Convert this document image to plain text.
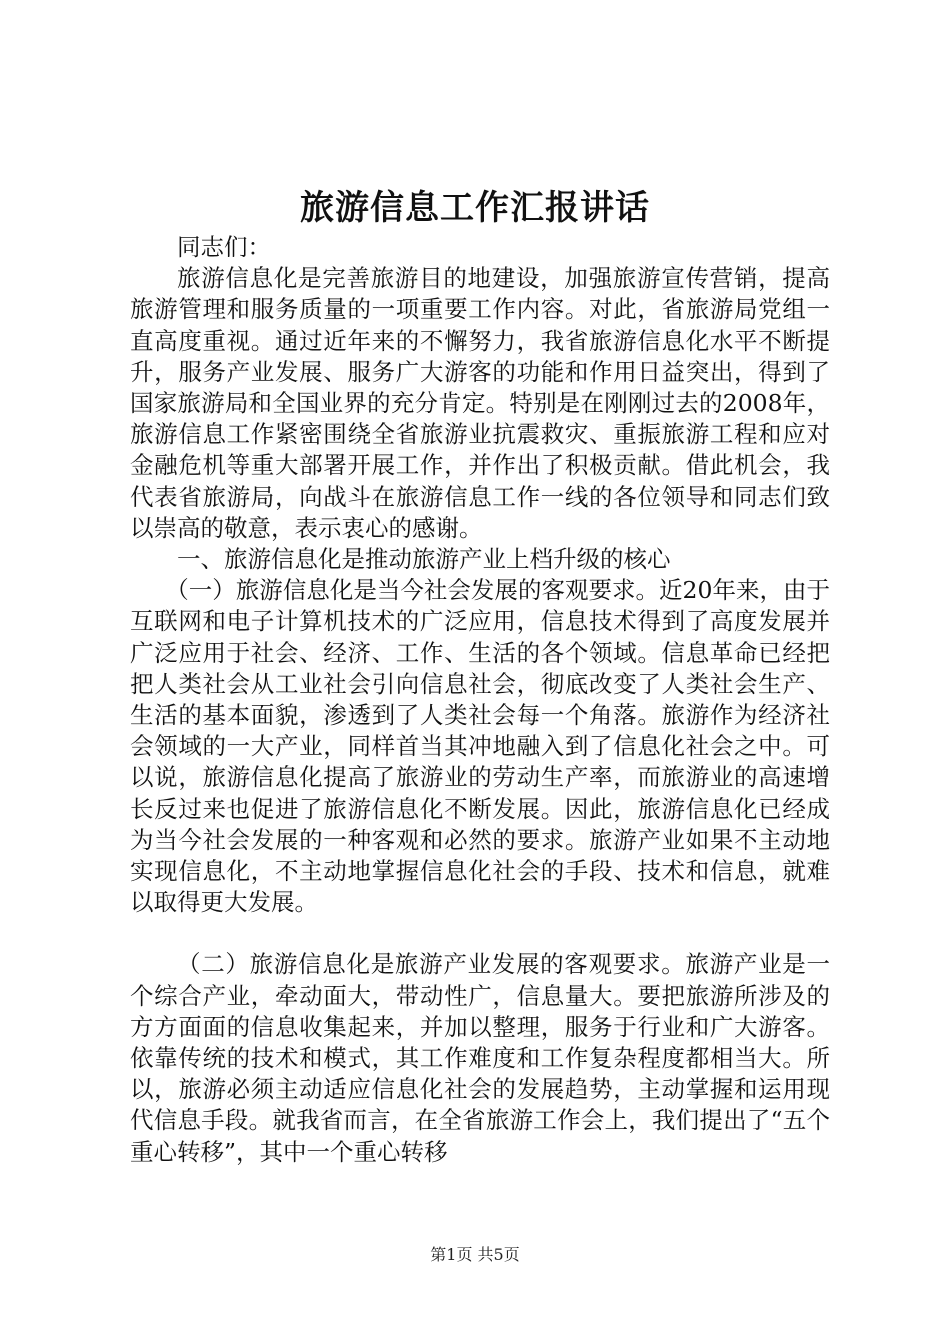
旅游信息工作汇报讲话

同志们：

旅游信息化是完善旅游目的地建设，加强旅游宣传营销，提高旅游管理和服务质量的一项重要工作内容。对此，省旅游局党组一直高度重视。通过近年来的不懈努力，我省旅游信息化水平不断提升，服务产业发展、服务广大游客的功能和作用日益突出，得到了国家旅游局和全国业界的充分肯定。特别是在刚刚过去的2008年，旅游信息工作紧密围绕全省旅游业抗震救灾、重振旅游工程和应对金融危机等重大部署开展工作，并作出了积极贡献。借此机会，我代表省旅游局，向战斗在旅游信息工作一线的各位领导和同志们致以崇高的敬意，表示衷心的感谢。

一、旅游信息化是推动旅游产业上档升级的核心

（一）旅游信息化是当今社会发展的客观要求。近20年来，由于互联网和电子计算机技术的广泛应用，信息技术得到了高度发展并广泛应用于社会、经济、工作、生活的各个领域。信息革命已经把把人类社会从工业社会引向信息社会，彻底改变了人类社会生产、生活的基本面貌，渗透到了人类社会每一个角落。旅游作为经济社会领域的一大产业，同样首当其冲地融入到了信息化社会之中。可以说，旅游信息化提高了旅游业的劳动生产率，而旅游业的高速增长反过来也促进了旅游信息化不断发展。因此，旅游信息化已经成为当今社会发展的一种客观和必然的要求。旅游产业如果不主动地实现信息化，不主动地掌握信息化社会的手段、技术和信息，就难以取得更大发展。

（二）旅游信息化是旅游产业发展的客观要求。旅游产业是一个综合产业，牵动面大，带动性广，信息量大。要把旅游所涉及的方方面面的信息收集起来，并加以整理，服务于行业和广大游客。依靠传统的技术和模式，其工作难度和工作复杂程度都相当大。所以，旅游必须主动适应信息化社会的发展趋势，主动掌握和运用现代信息手段。就我省而言，在全省旅游工作会上，我们提出了“五个重心转移”，其中一个重心转移

第1页 共5页
